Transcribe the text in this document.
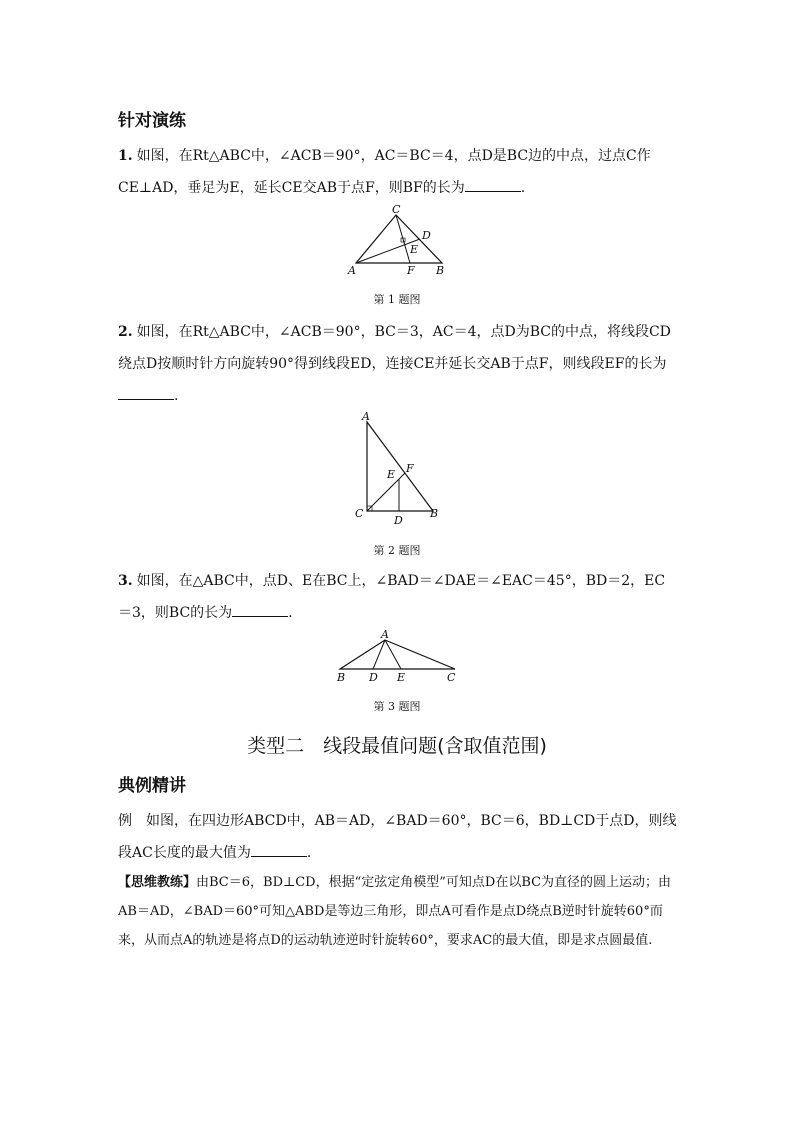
针对演练
1. 如图，在Rt△ABC中，∠ACB＝90°，AC＝BC＝4，点D是BC边的中点，过点C作CE⊥AD，垂足为E，延长CE交AB于点F，则BF的长为	.
C
D
E
A	F B
第 1 题图
2. 如图，在Rt△ABC中，∠ACB＝90°，BC＝3，AC＝4，点D为BC的中点，将线段CD绕点D按顺时针方向旋转90°得到线段ED，连接CE并延长交AB于点F，则线段EF的长为.
A
F
E
C
D
B
第 2 题图
3. 如图，在△ABC中，点D、E在BC上，∠BAD＝∠DAE＝∠EAC＝45°，BD＝2，EC＝3，则BC的长为	.
A
B D E	C
第 3 题图
类型二　线段最值问题(含取值范围)
典例精讲
例　如图，在四边形ABCD中，AB＝AD，∠BAD＝60°，BC＝6，BD⊥CD于点D，则线段AC长度的最大值为	.
【思维教练】由BC＝6，BD⊥CD，根据“定弦定角模型”可知点D在以BC为直径的圆上运动；由AB＝AD，∠BAD＝60°可知△ABD是等边三角形，即点A可看作是点D绕点B逆时针旋转60°而来，从而点A的轨迹是将点D的运动轨迹逆时针旋转60°，要求AC的最大值，即是求点圆最值.
